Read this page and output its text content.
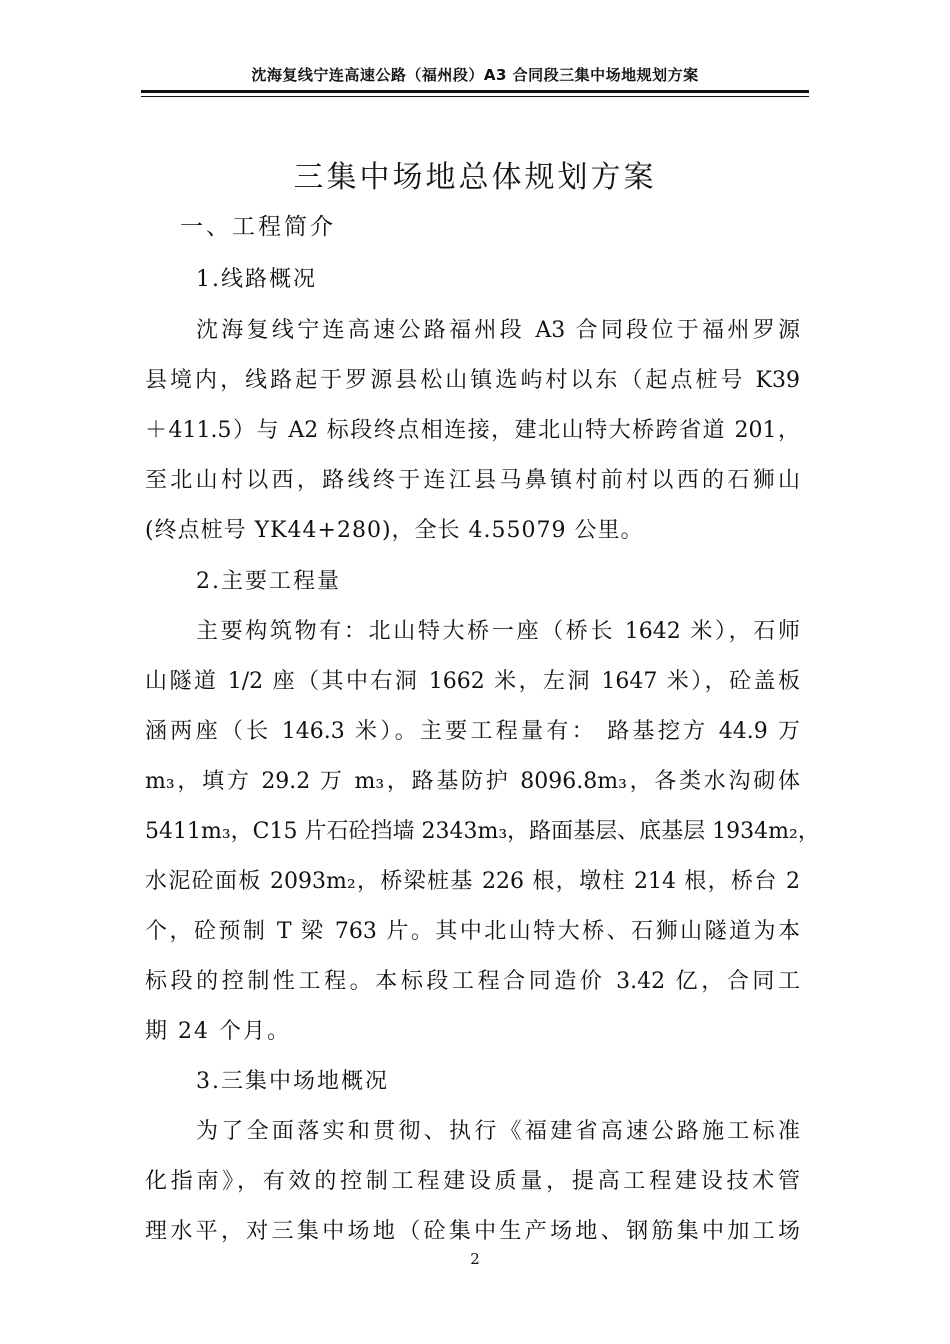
沈海复线宁连高速公路（福州段）A3 合同段三集中场地规划方案
三集中场地总体规划方案
一、工程简介
1.线路概况
沈海复线宁连高速公路福州段 A3 合同段位于福州罗源
县境内，线路起于罗源县松山镇选屿村以东（起点桩号 K39
＋411.5）与 A2 标段终点相连接，建北山特大桥跨省道 201，
至北山村以西，路线终于连江县马鼻镇村前村以西的石狮山
(终点桩号 YK44+280)，全长 4.55079 公里。
2.主要工程量
主要构筑物有：北山特大桥一座（桥长 1642 米），石师
山隧道 1/2 座（其中右洞 1662 米，左洞 1647 米），砼盖板
涵两座（长 146.3 米）。主要工程量有： 路基挖方 44.9 万
m₃，填方 29.2 万 m₃，路基防护 8096.8m₃，各类水沟砌体
5411m₃，C15 片石砼挡墙 2343m₃，路面基层、底基层 1934m₂，
水泥砼面板 2093m₂，桥梁桩基 226 根，墩柱 214 根，桥台 2
个，砼预制 T 梁 763 片。其中北山特大桥、石狮山隧道为本
标段的控制性工程。本标段工程合同造价 3.42 亿，合同工
期 24 个月。
3.三集中场地概况
为了全面落实和贯彻、执行《福建省高速公路施工标准
化指南》，有效的控制工程建设质量，提高工程建设技术管
理水平，对三集中场地（砼集中生产场地、钢筋集中加工场
2
